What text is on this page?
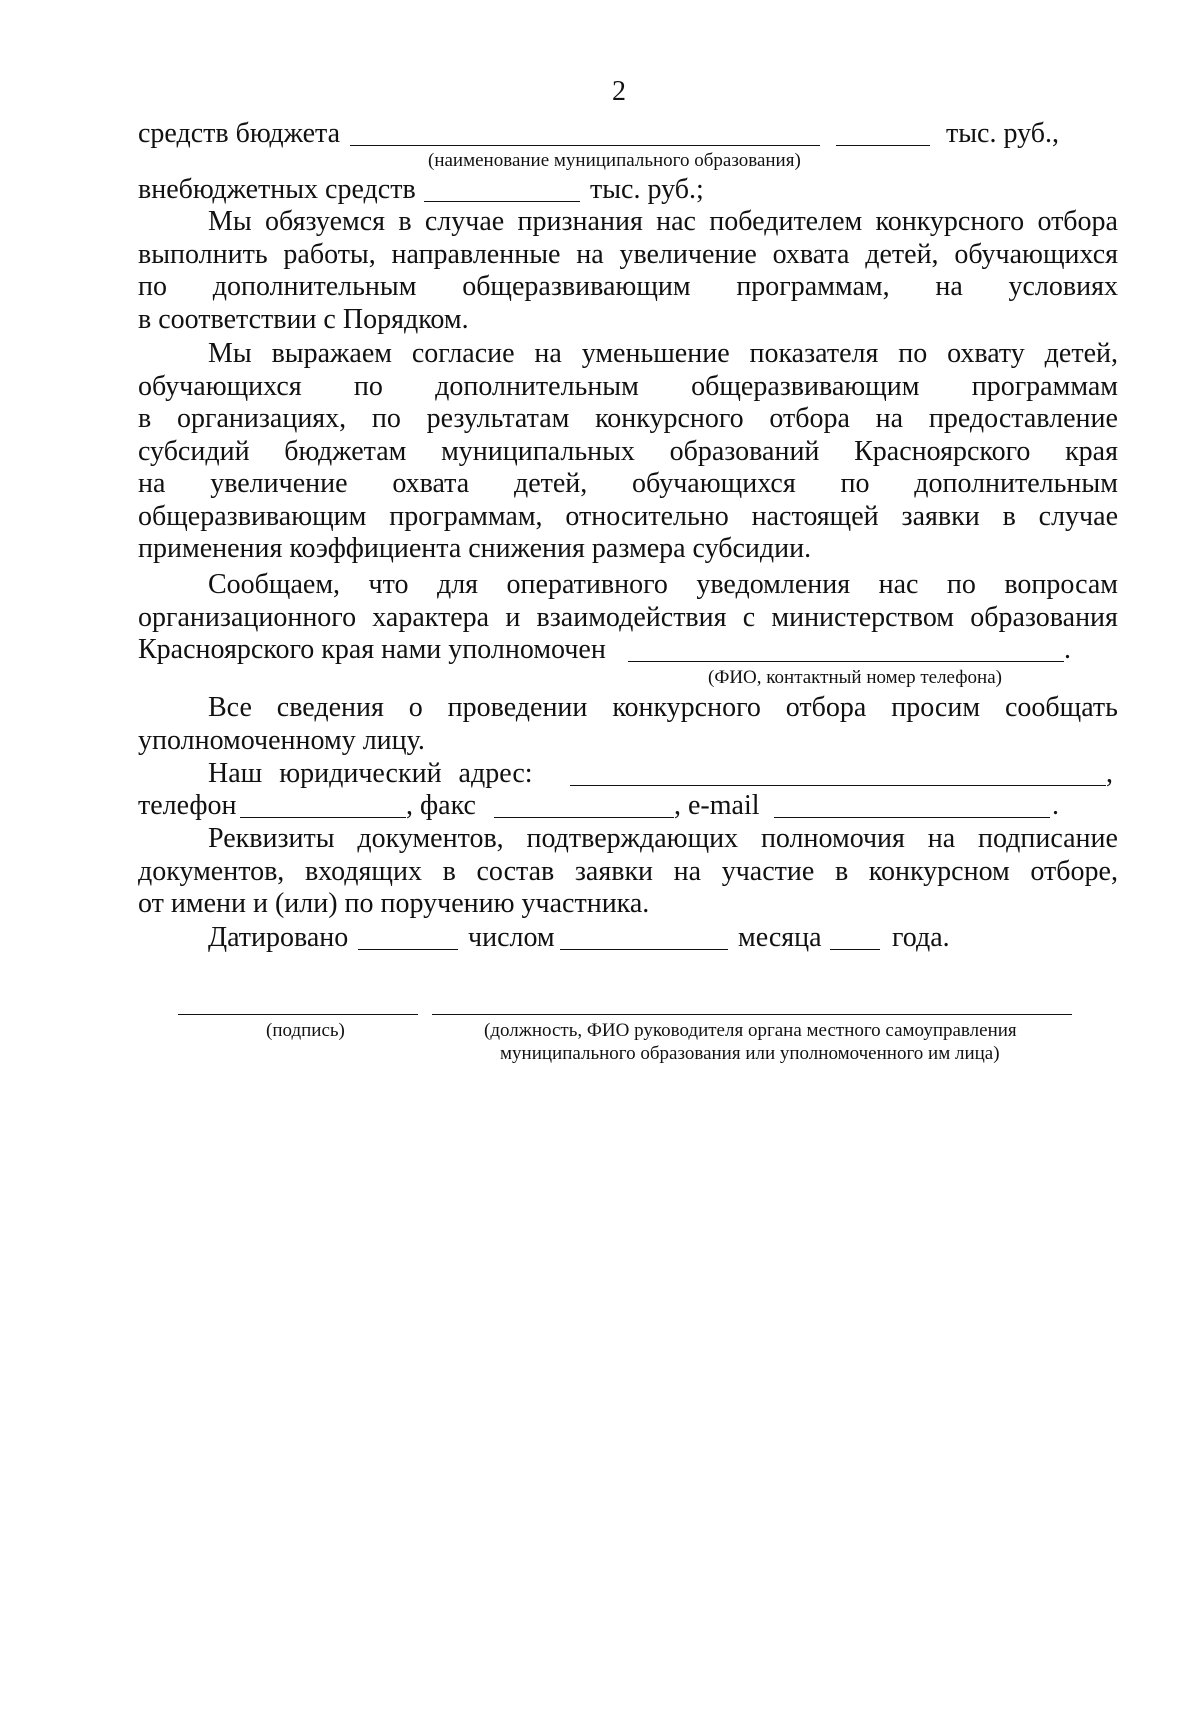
2
средств бюджета	тыс. руб.,
(наименование муниципального образования)
внебюджетных средств	тыс. руб.;
Мы обязуемся в случае признания нас победителем конкурсного отбора
выполнить работы, направленные на увеличение охвата детей, обучающихся
по дополнительным общеразвивающим программам, на условиях
в соответствии с Порядком.
Мы выражаем согласие на уменьшение показателя по охвату детей,
обучающихся по дополнительным общеразвивающим программам
в организациях, по результатам конкурсного отбора на предоставление
субсидий бюджетам муниципальных образований Красноярского края
на увеличение охвата детей, обучающихся по дополнительным
общеразвивающим программам, относительно настоящей заявки в случае
применения коэффициента снижения размера субсидии.
Сообщаем, что для оперативного уведомления нас по вопросам
организационного характера и взаимодействия с министерством образования
Красноярского края нами уполномочен	.
(ФИО, контактный номер телефона)
Все сведения о проведении конкурсного отбора просим сообщать
уполномоченному лицу.
Наш юридический адрес:	,
телефон	, факс	, e-mail	.
Реквизиты документов, подтверждающих полномочия на подписание
документов, входящих в состав заявки на участие в конкурсном отборе,
от имени и (или) по поручению участника.
Датировано	числом	месяца	года.
(подпись)	(должность, ФИО руководителя органа местного самоуправления
муниципального образования или уполномоченного им лица)
